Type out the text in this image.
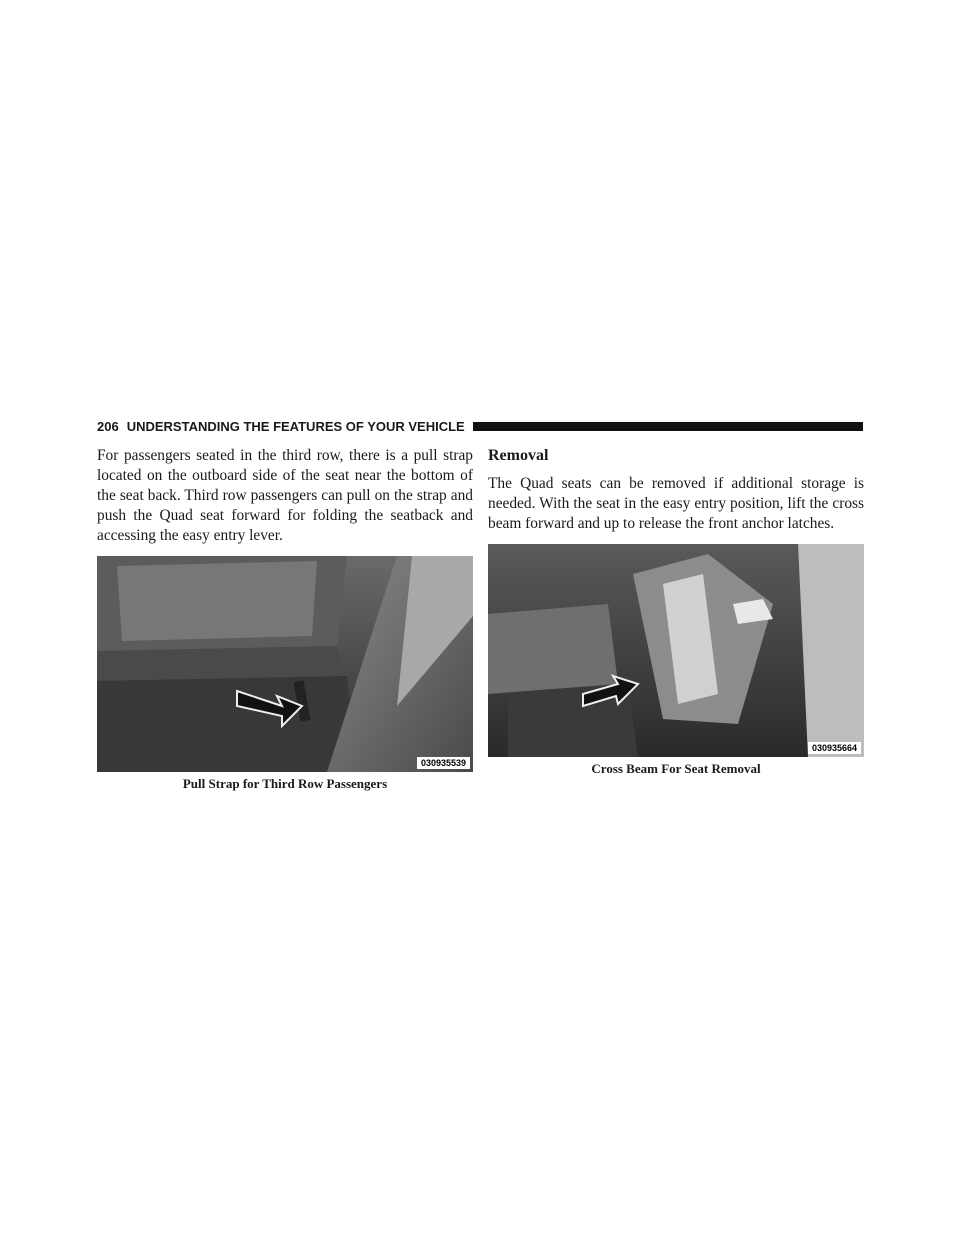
206 UNDERSTANDING THE FEATURES OF YOUR VEHICLE

For passengers seated in the third row, there is a pull strap located on the outboard side of the seat near the bottom of the seat back. Third row passengers can pull on the strap and push the Quad seat forward for folding the seatback and accessing the easy entry lever.

030935539
Pull Strap for Third Row Passengers
Removal

The Quad seats can be removed if additional storage is needed. With the seat in the easy entry position, lift the cross beam forward and up to release the front anchor latches.

030935664
Cross Beam For Seat Removal
